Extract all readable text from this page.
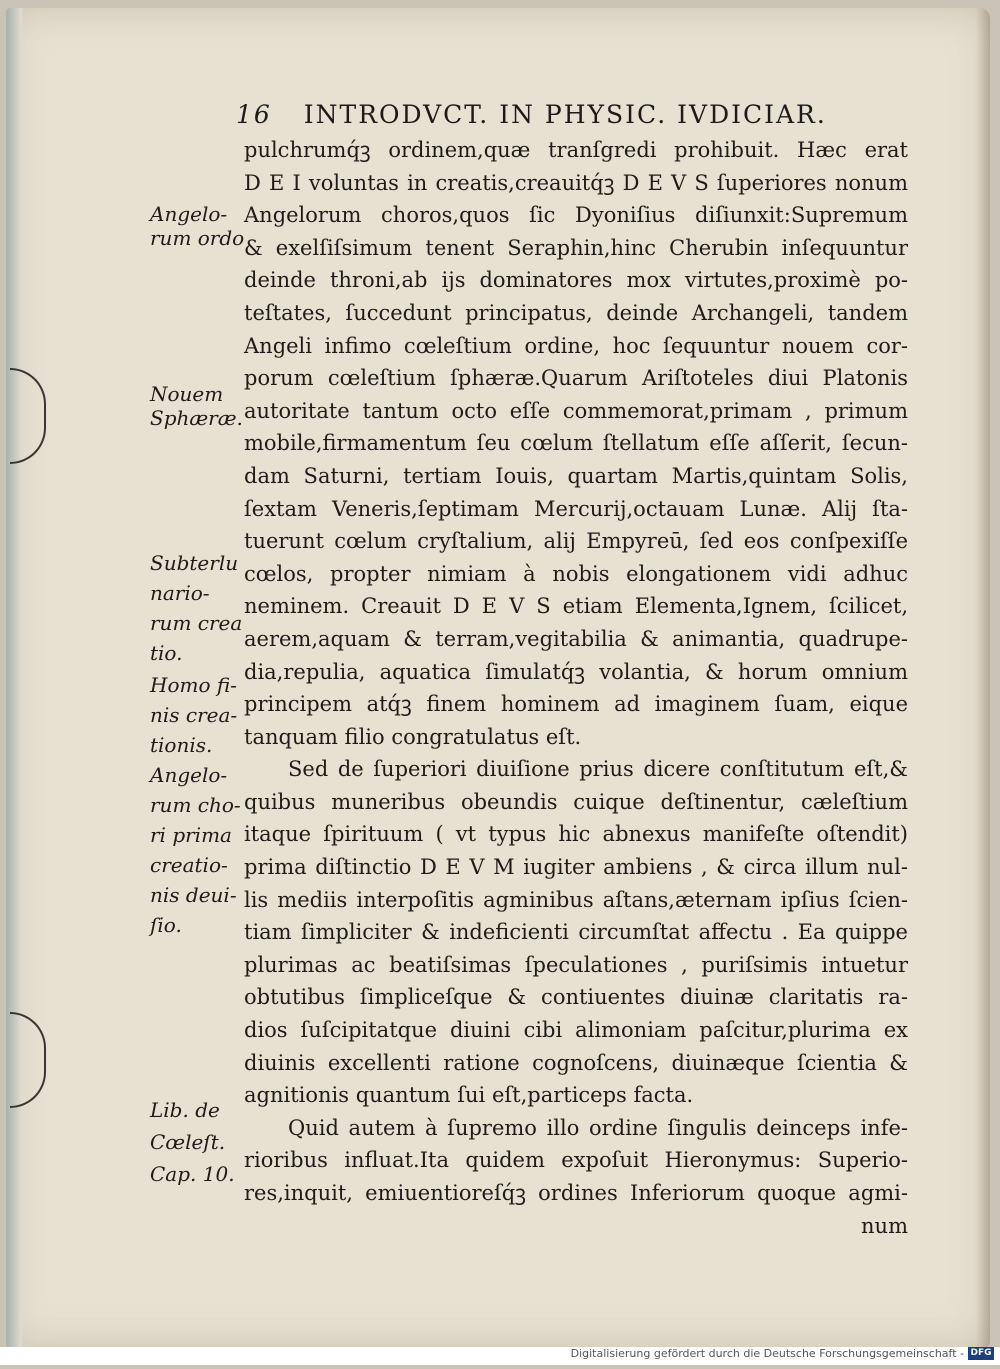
16 INTRODVCT. IN PHYSIC. IVDICIAR.
pulchrumq́ꝫ ordinem,quæ tranſgredi prohibuit. Hæc erat
D E I voluntas in creatis,creauitq́ꝫ D E V S ſuperiores nonum
Angelorum choros,quos ſic Dyoniſius diſiunxit:Supremum
& exelſiſsimum tenent Seraphin,hinc Cherubin inſequuntur
deinde throni,ab ijs dominatores mox virtutes,proximè po-
teſtates, ſuccedunt principatus, deinde Archangeli, tandem
Angeli infimo cœleſtium ordine, hoc ſequuntur nouem cor-
porum cœleſtium ſphæræ.Quarum Ariſtoteles diui Platonis
autoritate tantum octo eſſe commemorat,primam , primum
mobile,firmamentum ſeu cœlum ſtellatum eſſe aſſerit, ſecun-
dam Saturni, tertiam Iouis, quartam Martis,quintam Solis,
ſextam Veneris,ſeptimam Mercurij,octauam Lunæ. Alij ſta-
tuerunt cœlum cryſtalium, alij Empyreū, ſed eos conſpexiſſe
cœlos, propter nimiam à nobis elongationem vidi adhuc
neminem. Creauit D E V S etiam Elementa,Ignem, ſcilicet,
aerem,aquam & terram,vegitabilia & animantia, quadrupe-
dia,repulia, aquatica ſimulatq́ꝫ volantia, & horum omnium
principem atq́ꝫ finem hominem ad imaginem ſuam, eique
tanquam filio congratulatus eſt.
Sed de ſuperiori diuiſione prius dicere conſtitutum eſt,&
quibus muneribus obeundis cuique deſtinentur, cæleſtium
itaque ſpirituum ( vt typus hic abnexus manifeſte oſtendit)
prima diſtinctio D E V M iugiter ambiens , & circa illum nul-
lis mediis interpoſitis agminibus aſtans,æternam ipſius ſcien-
tiam ſimpliciter & indeficienti circumſtat affectu . Ea quippe
plurimas ac beatiſsimas ſpeculationes , puriſsimis intuetur
obtutibus ſimpliceſque & contiuentes diuinæ claritatis ra-
dios ſuſcipitatque diuini cibi alimoniam paſcitur,plurima ex
diuinis excellenti ratione cognoſcens, diuinæque ſcientia &
agnitionis quantum ſui eſt,particeps facta.
Quid autem à ſupremo illo ordine ſingulis deinceps infe-
rioribus influat.Ita quidem expoſuit Hieronymus: Superio-
res,inquit, emiuentioreſq́ꝫ ordines Inferiorum quoque agmi-
num
Angelo-
rum ordo
Nouem
Sphæræ.
Subterlu
nario-
rum crea
tio.
Homo fi-
nis crea-
tionis.
Angelo-
rum cho-
ri prima
creatio-
nis deui-
ſio.
Lib. de
Cœleſt.
Cap. 10.
Digitalisierung gefördert durch die Deutsche Forschungsgemeinschaft - DFG
